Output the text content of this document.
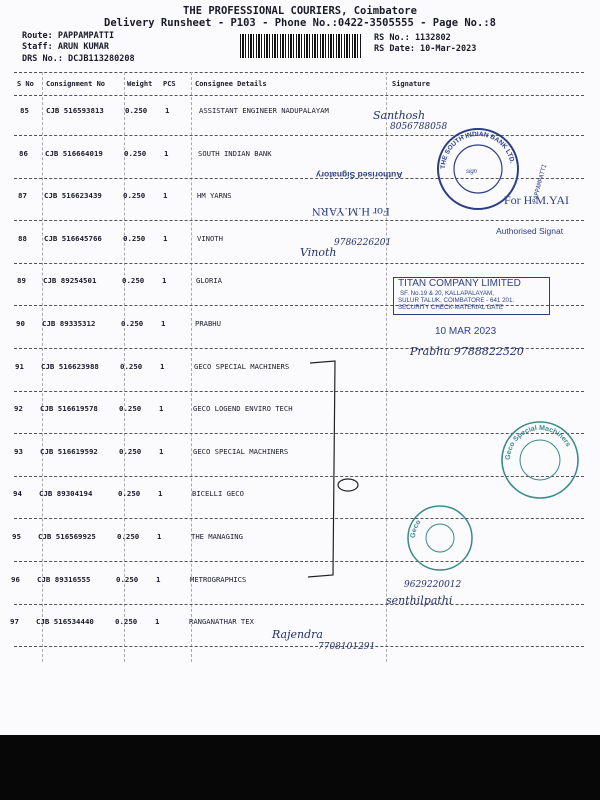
THE PROFESSIONAL COURIERS, Coimbatore
Delivery Runsheet - P103 - Phone No.:0422-3505555 - Page No.:8
Route: PAPPAMPATTI
Staff: ARUN KUMAR
DRS No.: DCJB113280208
RS No.: 1132802
RS Date: 10-Mar-2023
S No Consignment No	Weight PCS	Consignee Details	Signature
85 CJB 516593813	0.250 1	ASSISTANT ENGINEER NADUPALAYAM
86 CJB 516664019	0.250 1	SOUTH INDIAN BANK
87 CJB 516623439	0.250 1	HM YARNS
88 CJB 516645766	0.250 1	VINOTH
89 CJB 89254501	0.250 1	GLORIA
90 CJB 89335312	0.250 1	PRABHU
91 CJB 516623988	0.250 1	GECO SPECIAL MACHINERS
92 CJB 516619578	0.250 1	GECO LOGEND ENVIRO TECH
93 CJB 516619592	0.250 1	GECO SPECIAL MACHINERS
94 CJB 89304194	0.250 1	BICELLI GECO
95 CJB 516569925	0.250 1	THE MANAGING
96 CJB 89316555	0.250 1	METROGRAPHICS
97 CJB 516534440	0.250 1	RANGANATHAR TEX
THE SOUTH INDIAN BANK LTD.
sign	PAPPAMPATTI
Authorised Signatory
For H.M.YARN
For H.M.YAI
Authorised Signat
TITAN COMPANY LIMITED
SF. No.19 & 20, KALLAPALAYAM,
SULUR TALUK, COIMBATORE - 641 201.
SECURITY CHECK-MATERIAL GATE
10 MAR 2023
Geco Special Machiners
Geco
Santhosh
8056788058
Vinoth
9786226201
Prabhu 9788822520
9629220012
senthilpathi
Rajendra
7708101291
